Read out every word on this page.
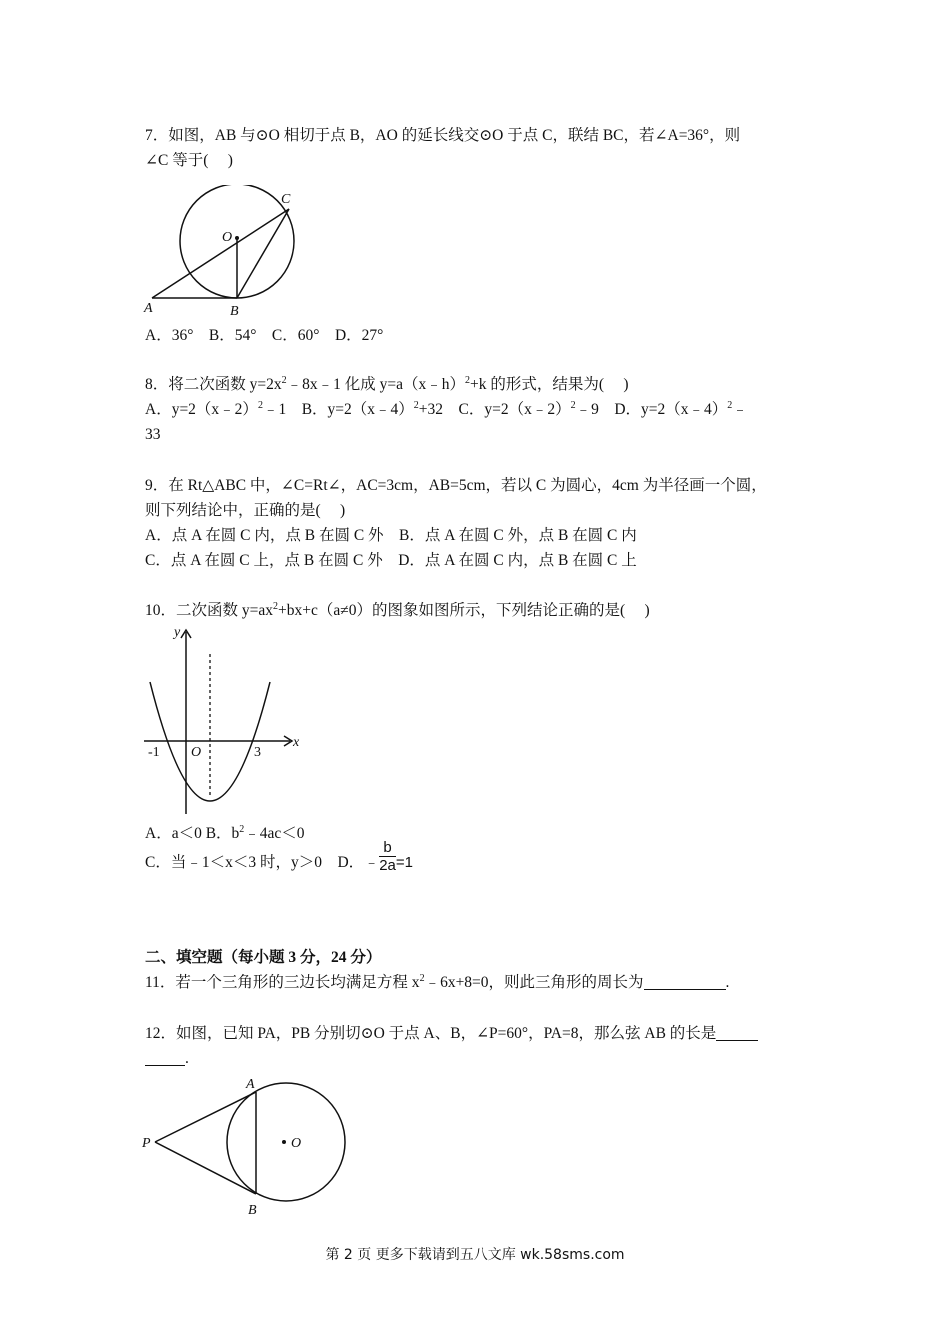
7．如图，AB 与⊙O 相切于点 B，AO 的延长线交⊙O 于点 C，联结 BC，若∠A=36°，则
∠C 等于(　 )
O
C
A	B
A．36°　B．54°　C．60°　D．27°
8．将二次函数 $y=2x^2﹣8x﹣1$ 化成 y=a（x﹣h）$^2$+k 的形式，结果为(　 )
A．y=2（x﹣2）$^2$﹣1　B．y=2（x﹣4）$^2$+32　C．y=2（x﹣2）$^2$﹣9　D．y=2（x﹣4）$^2$﹣
33
9．在 Rt△ABC 中，∠C=Rt∠，AC=3cm，AB=5cm，若以 C 为圆心，4cm 为半径画一个圆，
则下列结论中，正确的是(　 )
A．点 A 在圆 C 内，点 B 在圆 C 外　B．点 A 在圆 C 外，点 B 在圆 C 内
C．点 A 在圆 C 上，点 B 在圆 C 外　D．点 A 在圆 C 内，点 B 在圆 C 上
10．二次函数 $y=ax^2+bx+c(a\ne 0)$的图象如图所示，下列结论正确的是(　 )
y
x
O
-1	3
A．a＜0 B．$b^2﹣4ac<0$
C．当﹣1＜x＜3 时，y＞0　D．﹣ $\frac{b}{2a} =1$
二、填空题（每小题 3 分，24 分）
11．若一个三角形的三边长均满足方程 $x^2﹣6x+8=0$，则此三角形的周长为	.
12．如图，已知 PA，PB 分别切⊙O 于点 A、B，∠P=60°，PA=8，那么弦 AB 的长是
.
O
P
A
B
第 2 页 更多下载请到五八文库 wk.58sms.com
